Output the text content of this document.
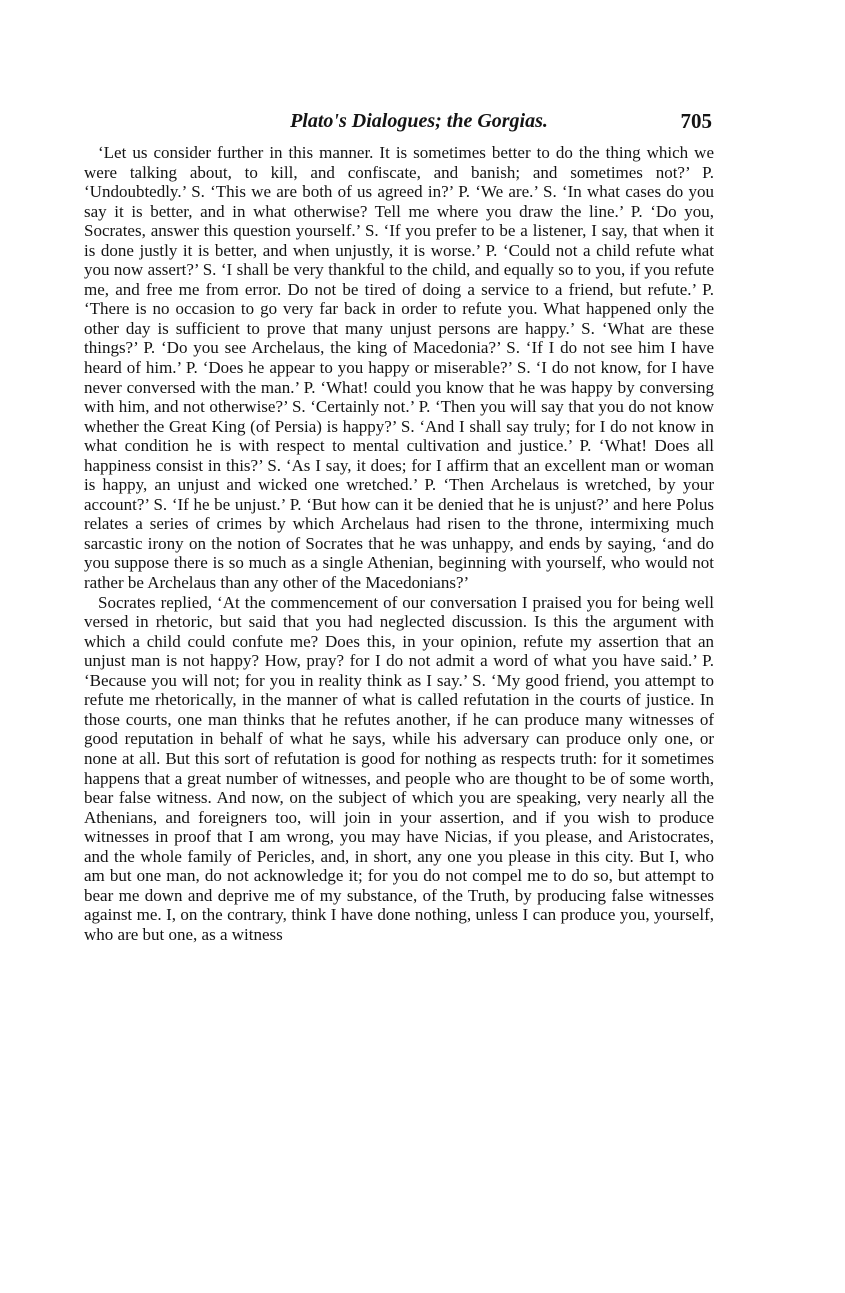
Plato's Dialogues; the Gorgias.	705

‘Let us consider further in this manner. It is sometimes better to do the thing which we were talking about, to kill, and confiscate, and banish; and sometimes not?’ P. ‘Undoubtedly.’ S. ‘This we are both of us agreed in?’ P. ‘We are.’ S. ‘In what cases do you say it is better, and in what otherwise? Tell me where you draw the line.’ P. ‘Do you, Socrates, answer this question yourself.’ S. ‘If you prefer to be a listener, I say, that when it is done justly it is better, and when unjustly, it is worse.’ P. ‘Could not a child refute what you now assert?’ S. ‘I shall be very thankful to the child, and equally so to you, if you refute me, and free me from error. Do not be tired of doing a service to a friend, but refute.’ P. ‘There is no occasion to go very far back in order to refute you. What happened only the other day is sufficient to prove that many unjust persons are happy.’ S. ‘What are these things?’ P. ‘Do you see Archelaus, the king of Macedonia?’ S. ‘If I do not see him I have heard of him.’ P. ‘Does he appear to you happy or miserable?’ S. ‘I do not know, for I have never conversed with the man.’ P. ‘What! could you know that he was happy by conversing with him, and not otherwise?’ S. ‘Certainly not.’ P. ‘Then you will say that you do not know whether the Great King (of Persia) is happy?’ S. ‘And I shall say truly; for I do not know in what condition he is with respect to mental cultivation and justice.’ P. ‘What! Does all happiness consist in this?’ S. ‘As I say, it does; for I affirm that an excellent man or woman is happy, an unjust and wicked one wretched.’ P. ‘Then Archelaus is wretched, by your account?’ S. ‘If he be unjust.’ P. ‘But how can it be denied that he is unjust?’ and here Polus relates a series of crimes by which Archelaus had risen to the throne, intermixing much sarcastic irony on the notion of Socrates that he was unhappy, and ends by saying, ‘and do you suppose there is so much as a single Athenian, beginning with yourself, who would not rather be Archelaus than any other of the Macedonians?’

Socrates replied, ‘At the commencement of our conversation I praised you for being well versed in rhetoric, but said that you had neglected discussion. Is this the argument with which a child could confute me? Does this, in your opinion, refute my assertion that an unjust man is not happy? How, pray? for I do not admit a word of what you have said.’ P. ‘Because you will not; for you in reality think as I say.’ S. ‘My good friend, you attempt to refute me rhetorically, in the manner of what is called refutation in the courts of justice. In those courts, one man thinks that he refutes another, if he can produce many witnesses of good reputation in behalf of what he says, while his adversary can produce only one, or none at all. But this sort of refutation is good for nothing as respects truth: for it sometimes happens that a great number of witnesses, and people who are thought to be of some worth, bear false witness. And now, on the subject of which you are speaking, very nearly all the Athenians, and foreigners too, will join in your assertion, and if you wish to produce witnesses in proof that I am wrong, you may have Nicias, if you please, and Aristocrates, and the whole family of Pericles, and, in short, any one you please in this city. But I, who am but one man, do not acknowledge it; for you do not compel me to do so, but attempt to bear me down and deprive me of my substance, of the Truth, by producing false witnesses against me. I, on the contrary, think I have done nothing, unless I can produce you, yourself, who are but one, as a witness
